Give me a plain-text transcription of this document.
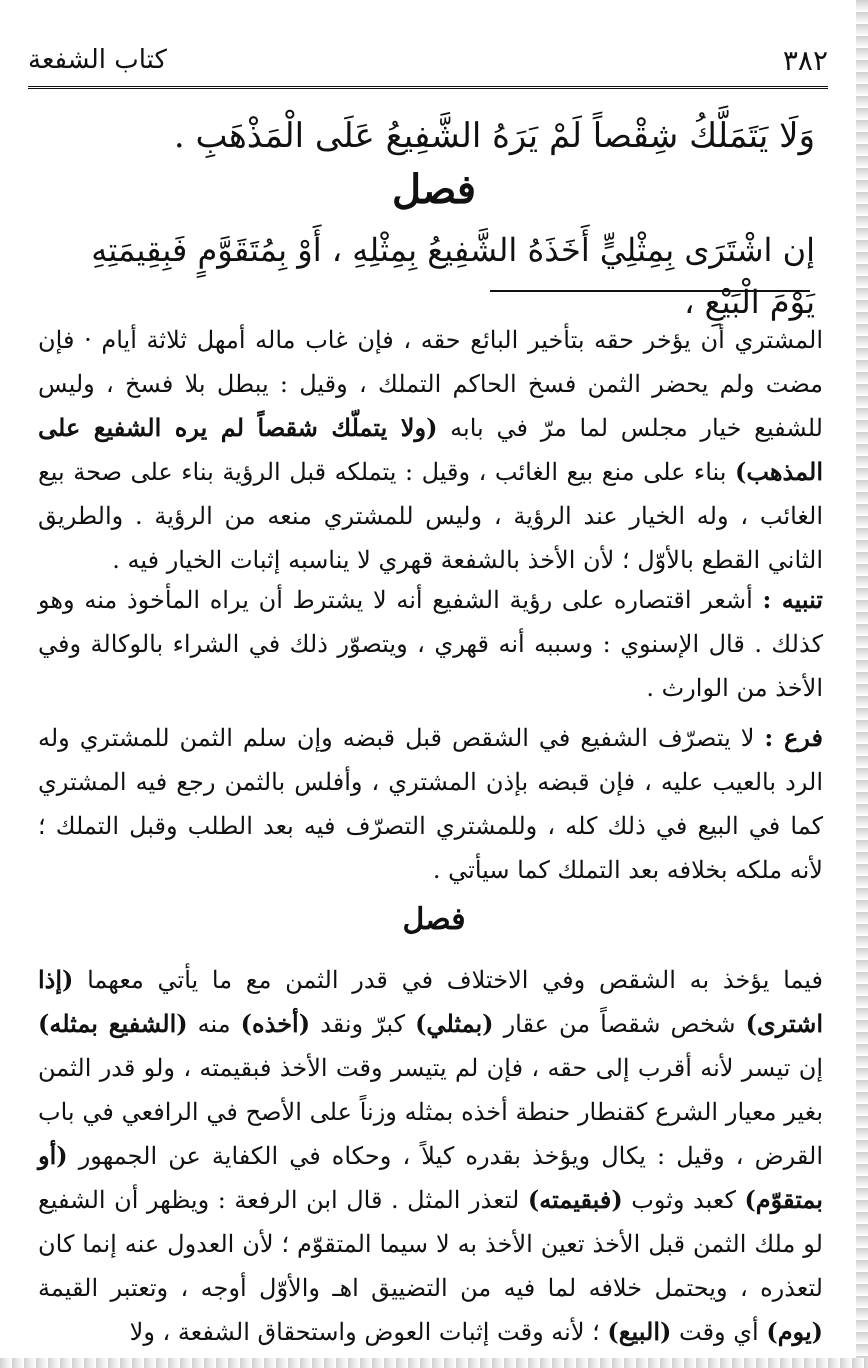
٣٨٢
كتاب الشفعة
وَلَا يَتَمَلَّكُ شِقْصاً لَمْ يَرَهُ الشَّفِيعُ عَلَى الْمَذْهَبِ .
فصل
إن اشْتَرَى بِمِثْلِيٍّ أَخَذَهُ الشَّفِيعُ بِمِثْلِهِ ، أَوْ بِمُتَقَوَّمٍ فَبِقِيمَتِهِ يَوْمَ الْبَيْعِ ،
المشتري أن يؤخر حقه بتأخير البائع حقه ، فإن غاب ماله أمهل ثلاثة أيام · فإن مضت ولم يحضر الثمن فسخ الحاكم التملك ، وقيل : يبطل بلا فسخ ، وليس للشفيع خيار مجلس لما مرّ في بابه (ولا يتملّك شقصاً لم يره الشفيع على المذهب) بناء على منع بيع الغائب ، وقيل : يتملكه قبل الرؤية بناء على صحة بيع الغائب ، وله الخيار عند الرؤية ، وليس للمشتري منعه من الرؤية . والطريق الثاني القطع بالأوّل ؛ لأن الأخذ بالشفعة قهري لا يناسبه إثبات الخيار فيه .
تنبيه : أشعر اقتصاره على رؤية الشفيع أنه لا يشترط أن يراه المأخوذ منه وهو كذلك . قال الإسنوي : وسببه أنه قهري ، ويتصوّر ذلك في الشراء بالوكالة وفي الأخذ من الوارث .
فرع : لا يتصرّف الشفيع في الشقص قبل قبضه وإن سلم الثمن للمشتري وله الرد بالعيب عليه ، فإن قبضه بإذن المشتري ، وأفلس بالثمن رجع فيه المشتري كما في البيع في ذلك كله ، وللمشتري التصرّف فيه بعد الطلب وقبل التملك ؛ لأنه ملكه بخلافه بعد التملك كما سيأتي .
فصل
فيما يؤخذ به الشقص وفي الاختلاف في قدر الثمن مع ما يأتي معهما (إذا اشترى) شخص شقصاً من عقار (بمثلي) كبرّ ونقد (أخذه) منه (الشفيع بمثله) إن تيسر لأنه أقرب إلى حقه ، فإن لم يتيسر وقت الأخذ فبقيمته ، ولو قدر الثمن بغير معيار الشرع كقنطار حنطة أخذه بمثله وزناً على الأصح في الرافعي في باب القرض ، وقيل : يكال ويؤخذ بقدره كيلاً ، وحكاه في الكفاية عن الجمهور (أو بمتقوّم) كعبد وثوب (فبقيمته) لتعذر المثل . قال ابن الرفعة : ويظهر أن الشفيع لو ملك الثمن قبل الأخذ تعين الأخذ به لا سيما المتقوّم ؛ لأن العدول عنه إنما كان لتعذره ، ويحتمل خلافه لما فيه من التضييق اهـ والأوّل أوجه ، وتعتبر القيمة (يوم) أي وقت (البيع) ؛ لأنه وقت إثبات العوض واستحقاق الشفعة ، ولا
